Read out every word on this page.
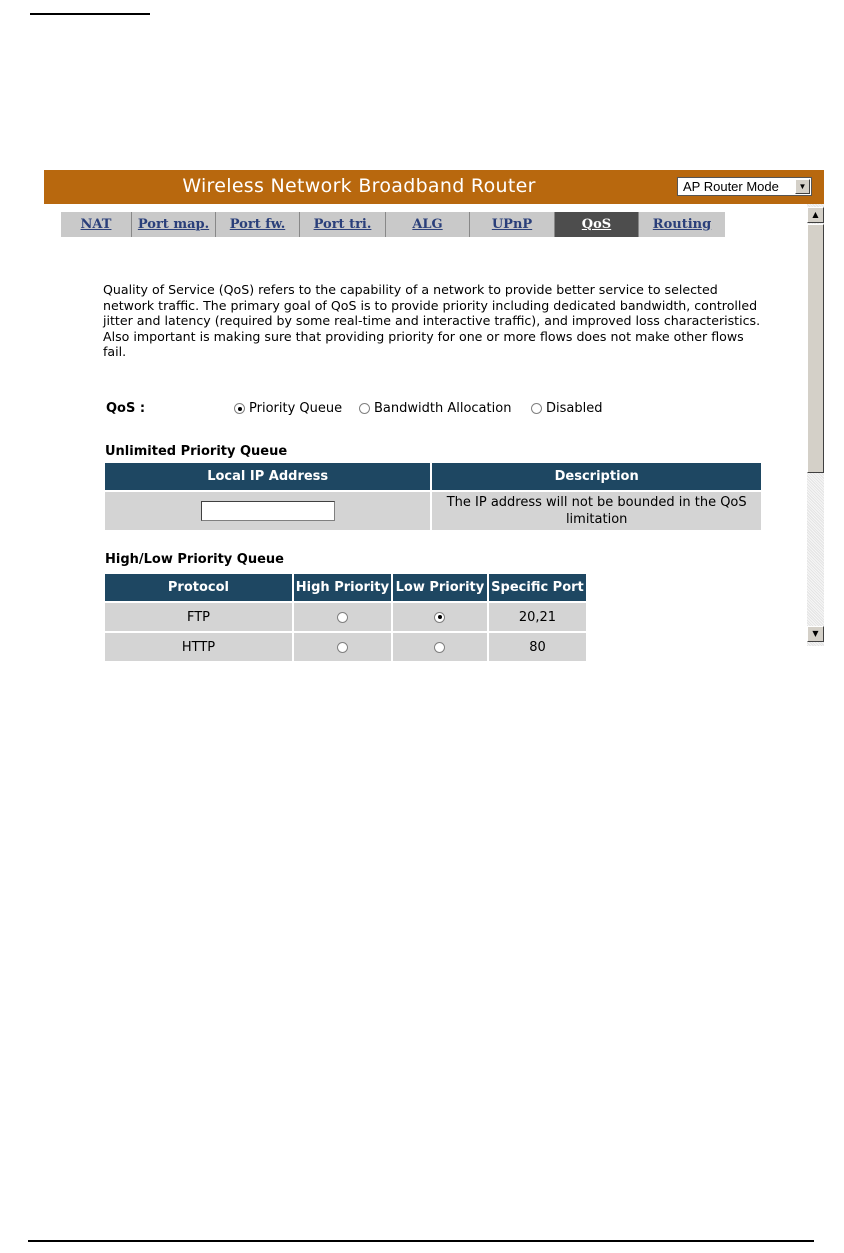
Wireless Network Broadband Router	AP Router Mode	▼
NAT	Port map.	Port fw.	Port tri.	ALG	UPnP	QoS	Routing
▲
▼
Quality of Service (QoS) refers to the capability of a network to provide better service to selected network traffic. The primary goal of QoS is to provide priority including dedicated bandwidth, controlled jitter and latency (required by some real-time and interactive traffic), and improved loss characteristics. Also important is making sure that providing priority for one or more flows does not make other flows fail.
QoS :	Priority Queue	Bandwidth Allocation	Disabled
Unlimited Priority Queue
Local IP Address	Description
	The IP address will not be bounded in the QoS limitation
High/Low Priority Queue
Protocol	High Priority	Low Priority	Specific Port
FTP			20,21
HTTP			80
